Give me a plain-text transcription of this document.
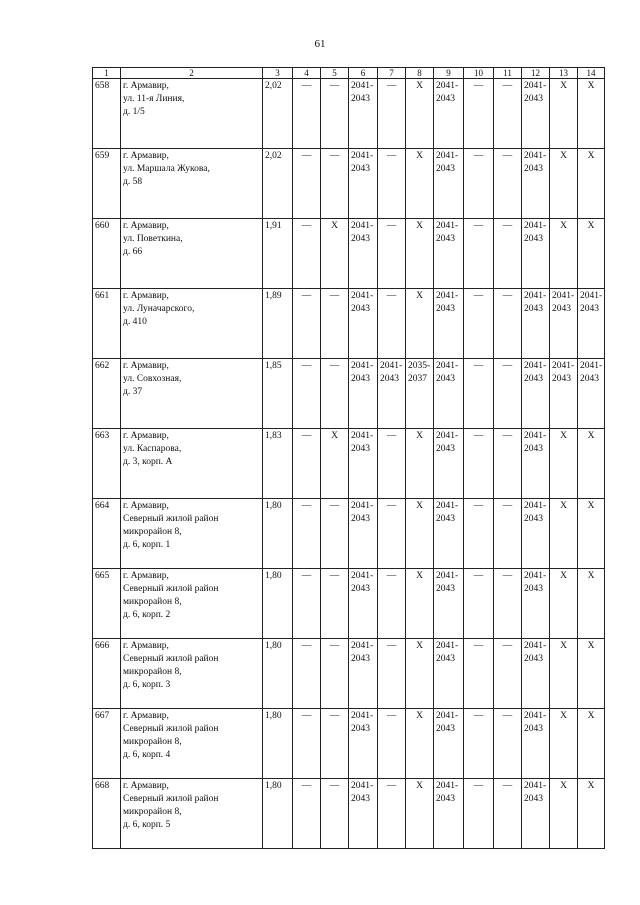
61
1	2	3	4	5	6	7	8	9	10	11	12	13	14
658	г. Армавир,
ул. 11-я Линия,
д. 1/5	2,02	—	—	2041-2043	—	X	2041-2043	—	—	2041-2043	X	X
659	г. Армавир,
ул. Маршала Жукова,
д. 58	2,02	—	—	2041-2043	—	X	2041-2043	—	—	2041-2043	X	X
660	г. Армавир,
ул. Поветкина,
д. 66	1,91	—	X	2041-2043	—	X	2041-2043	—	—	2041-2043	X	X
661	г. Армавир,
ул. Луначарского,
д. 410	1,89	—	—	2041-2043	—	X	2041-2043	—	—	2041-2043	2041-2043	2041-2043
662	г. Армавир,
ул. Совхозная,
д. 37	1,85	—	—	2041-2043	2041-2043	2035-2037	2041-2043	—	—	2041-2043	2041-2043	2041-2043
663	г. Армавир,
ул. Каспарова,
д. 3, корп. А	1,83	—	X	2041-2043	—	X	2041-2043	—	—	2041-2043	X	X
664	г. Армавир,
Северный жилой район
микрорайон 8,
д. 6, корп. 1	1,80	—	—	2041-2043	—	X	2041-2043	—	—	2041-2043	X	X
665	г. Армавир,
Северный жилой район
микрорайон 8,
д. 6, корп. 2	1,80	—	—	2041-2043	—	X	2041-2043	—	—	2041-2043	X	X
666	г. Армавир,
Северный жилой район
микрорайон 8,
д. 6, корп. 3	1,80	—	—	2041-2043	—	X	2041-2043	—	—	2041-2043	X	X
667	г. Армавир,
Северный жилой район
микрорайон 8,
д. 6, корп. 4	1,80	—	—	2041-2043	—	X	2041-2043	—	—	2041-2043	X	X
668	г. Армавир,
Северный жилой район
микрорайон 8,
д. 6, корп. 5	1,80	—	—	2041-2043	—	X	2041-2043	—	—	2041-2043	X	X
